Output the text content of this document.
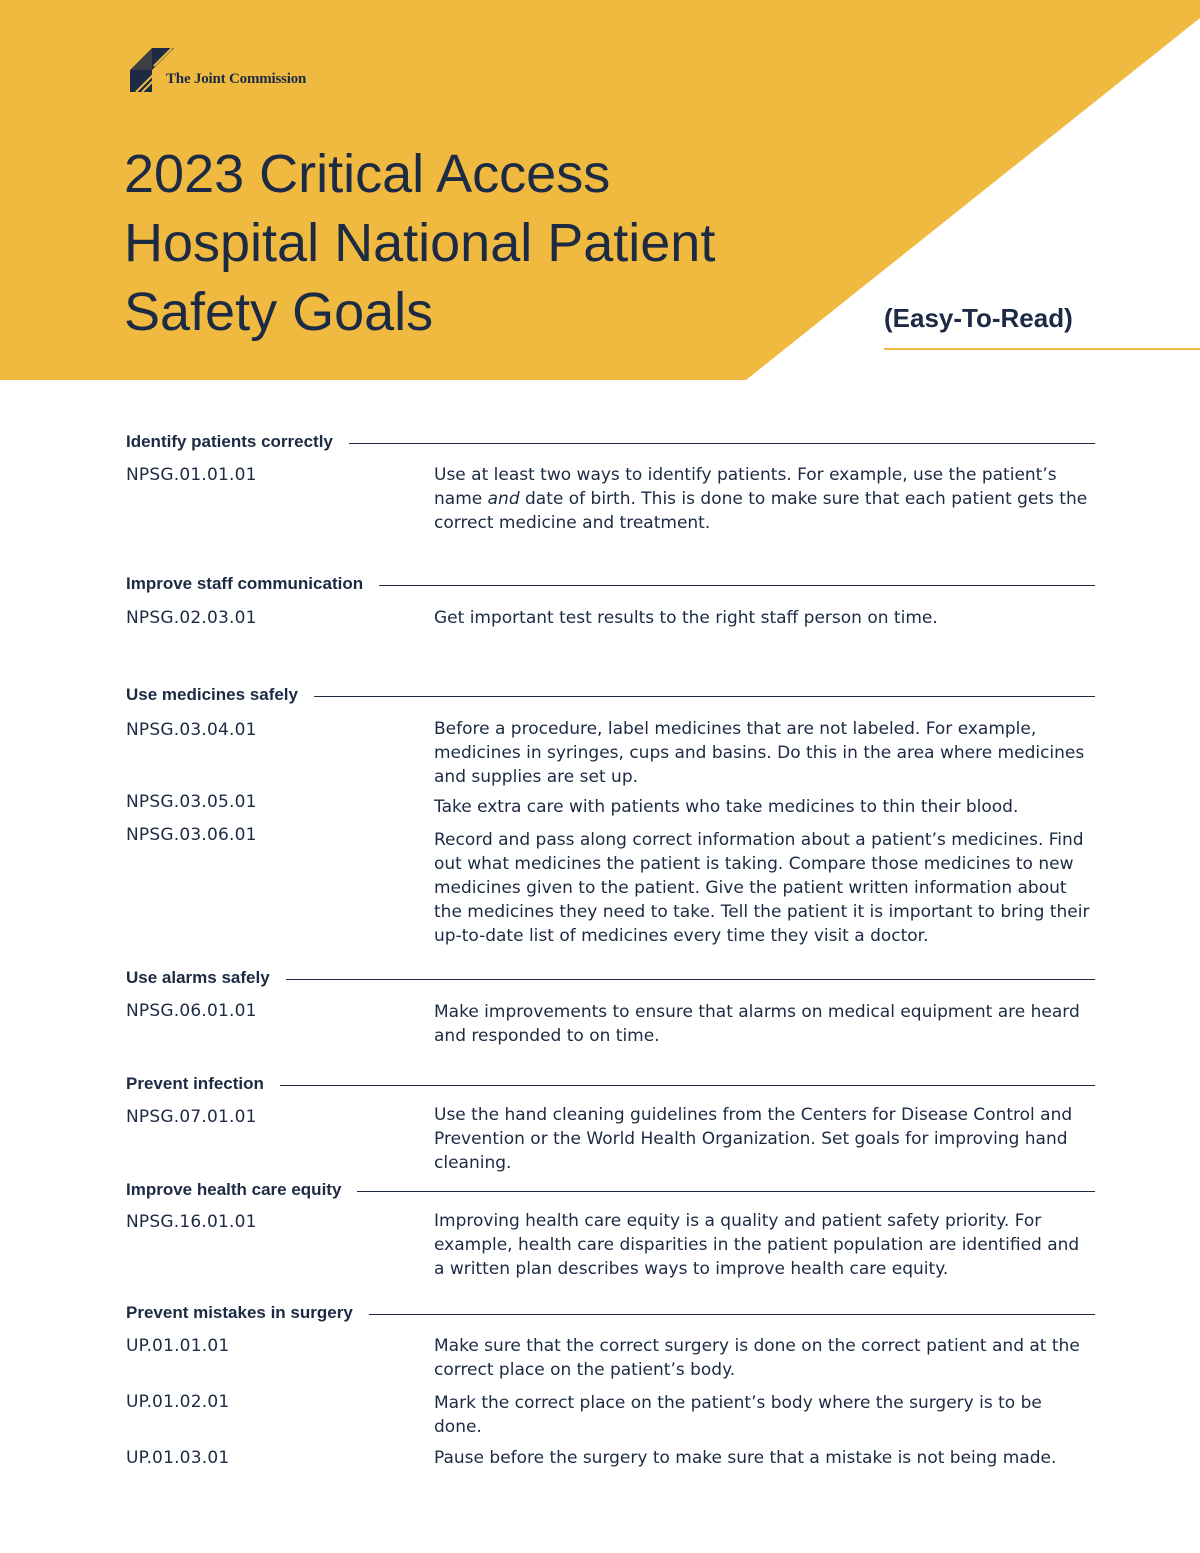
The Joint Commission
2023 Critical Access Hospital National Patient Safety Goals	(Easy-To-Read)
Identify patients correctly
NPSG.01.01.01	Use at least two ways to identify patients. For example, use the patient’s name and date of birth. This is done to make sure that each patient gets the correct medicine and treatment.

Improve staff communication
NPSG.02.03.01	Get important test results to the right staff person on time.

Use medicines safely
NPSG.03.04.01	Before a procedure, label medicines that are not labeled. For example, medicines in syringes, cups and basins. Do this in the area where medicines and supplies are set up.

NPSG.03.05.01	Take extra care with patients who take medicines to thin their blood.

NPSG.03.06.01	Record and pass along correct information about a patient’s medicines. Find out what medicines the patient is taking. Compare those medicines to new medicines given to the patient. Give the patient written information about the medicines they need to take. Tell the patient it is important to bring their up-to-date list of medicines every time they visit a doctor.

Use alarms safely
NPSG.06.01.01	Make improvements to ensure that alarms on medical equipment are heard and responded to on time.

Prevent infection
NPSG.07.01.01	Use the hand cleaning guidelines from the Centers for Disease Control and Prevention or the World Health Organization. Set goals for improving hand cleaning.

Improve health care equity
NPSG.16.01.01	Improving health care equity is a quality and patient safety priority. For example, health care disparities in the patient population are identified and a written plan describes ways to improve health care equity.

Prevent mistakes in surgery
UP.01.01.01	Make sure that the correct surgery is done on the correct patient and at the correct place on the patient’s body.

UP.01.02.01	Mark the correct place on the patient’s body where the surgery is to be done.

UP.01.03.01	Pause before the surgery to make sure that a mistake is not being made.
